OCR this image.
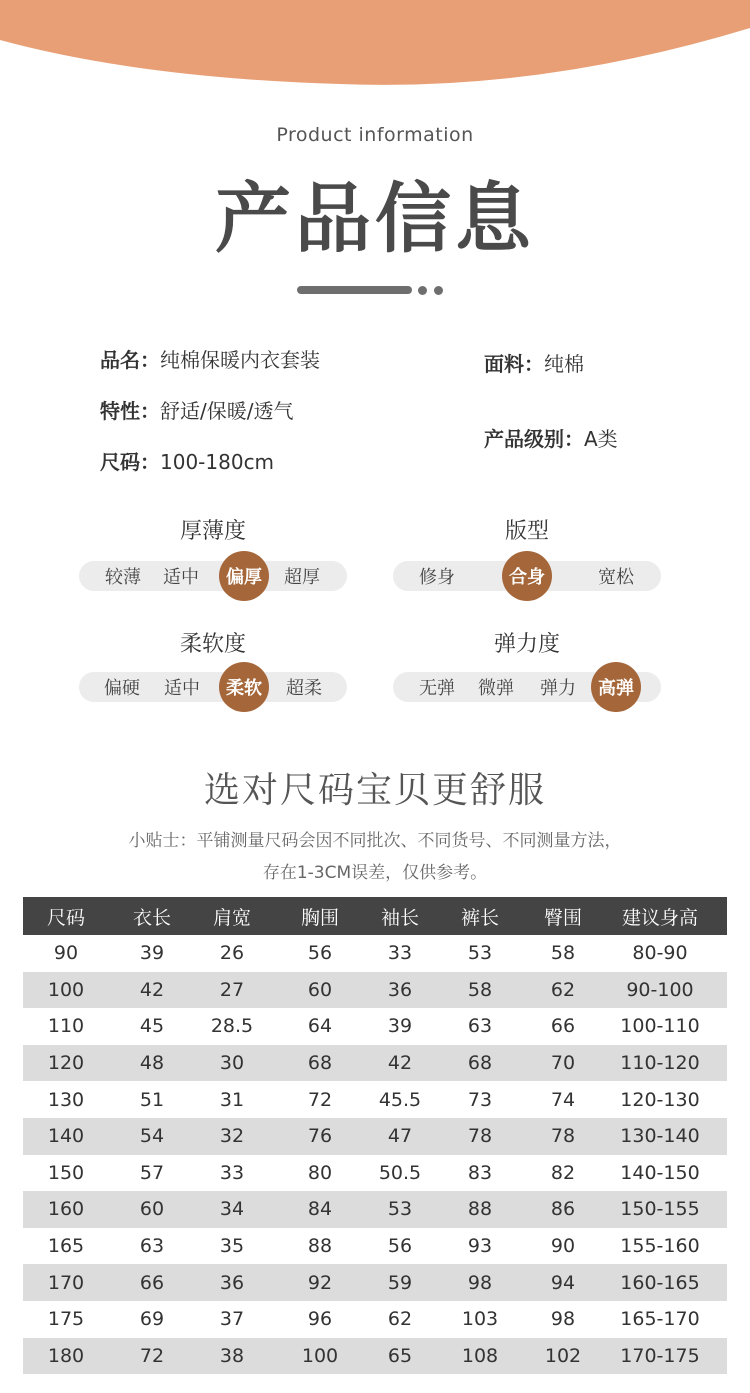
Product information
产品信息
品名：纯棉保暖内衣套装
特性：舒适/保暖/透气
尺码：100-180cm
面料：纯棉
产品级别：A类
厚薄度
较薄 适中 偏厚 超厚
版型
修身	合身	宽松
柔软度
偏硬 适中 柔软 超柔
弹力度
无弹 微弹 弹力 高弹
选对尺码宝贝更舒服
小贴士：平铺测量尺码会因不同批次、不同货号、不同测量方法，
存在1-3CM误差，仅供参考。
尺码	衣长	肩宽	胸围	袖长	裤长	臀围	建议身高
90	39	26	56	33	53	58	80-90
100	42	27	60	36	58	62	90-100
110	45	28.5	64	39	63	66	100-110
120	48	30	68	42	68	70	110-120
130	51	31	72	45.5	73	74	120-130
140	54	32	76	47	78	78	130-140
150	57	33	80	50.5	83	82	140-150
160	60	34	84	53	88	86	150-155
165	63	35	88	56	93	90	155-160
170	66	36	92	59	98	94	160-165
175	69	37	96	62	103	98	165-170
180	72	38	100	65	108	102	170-175
